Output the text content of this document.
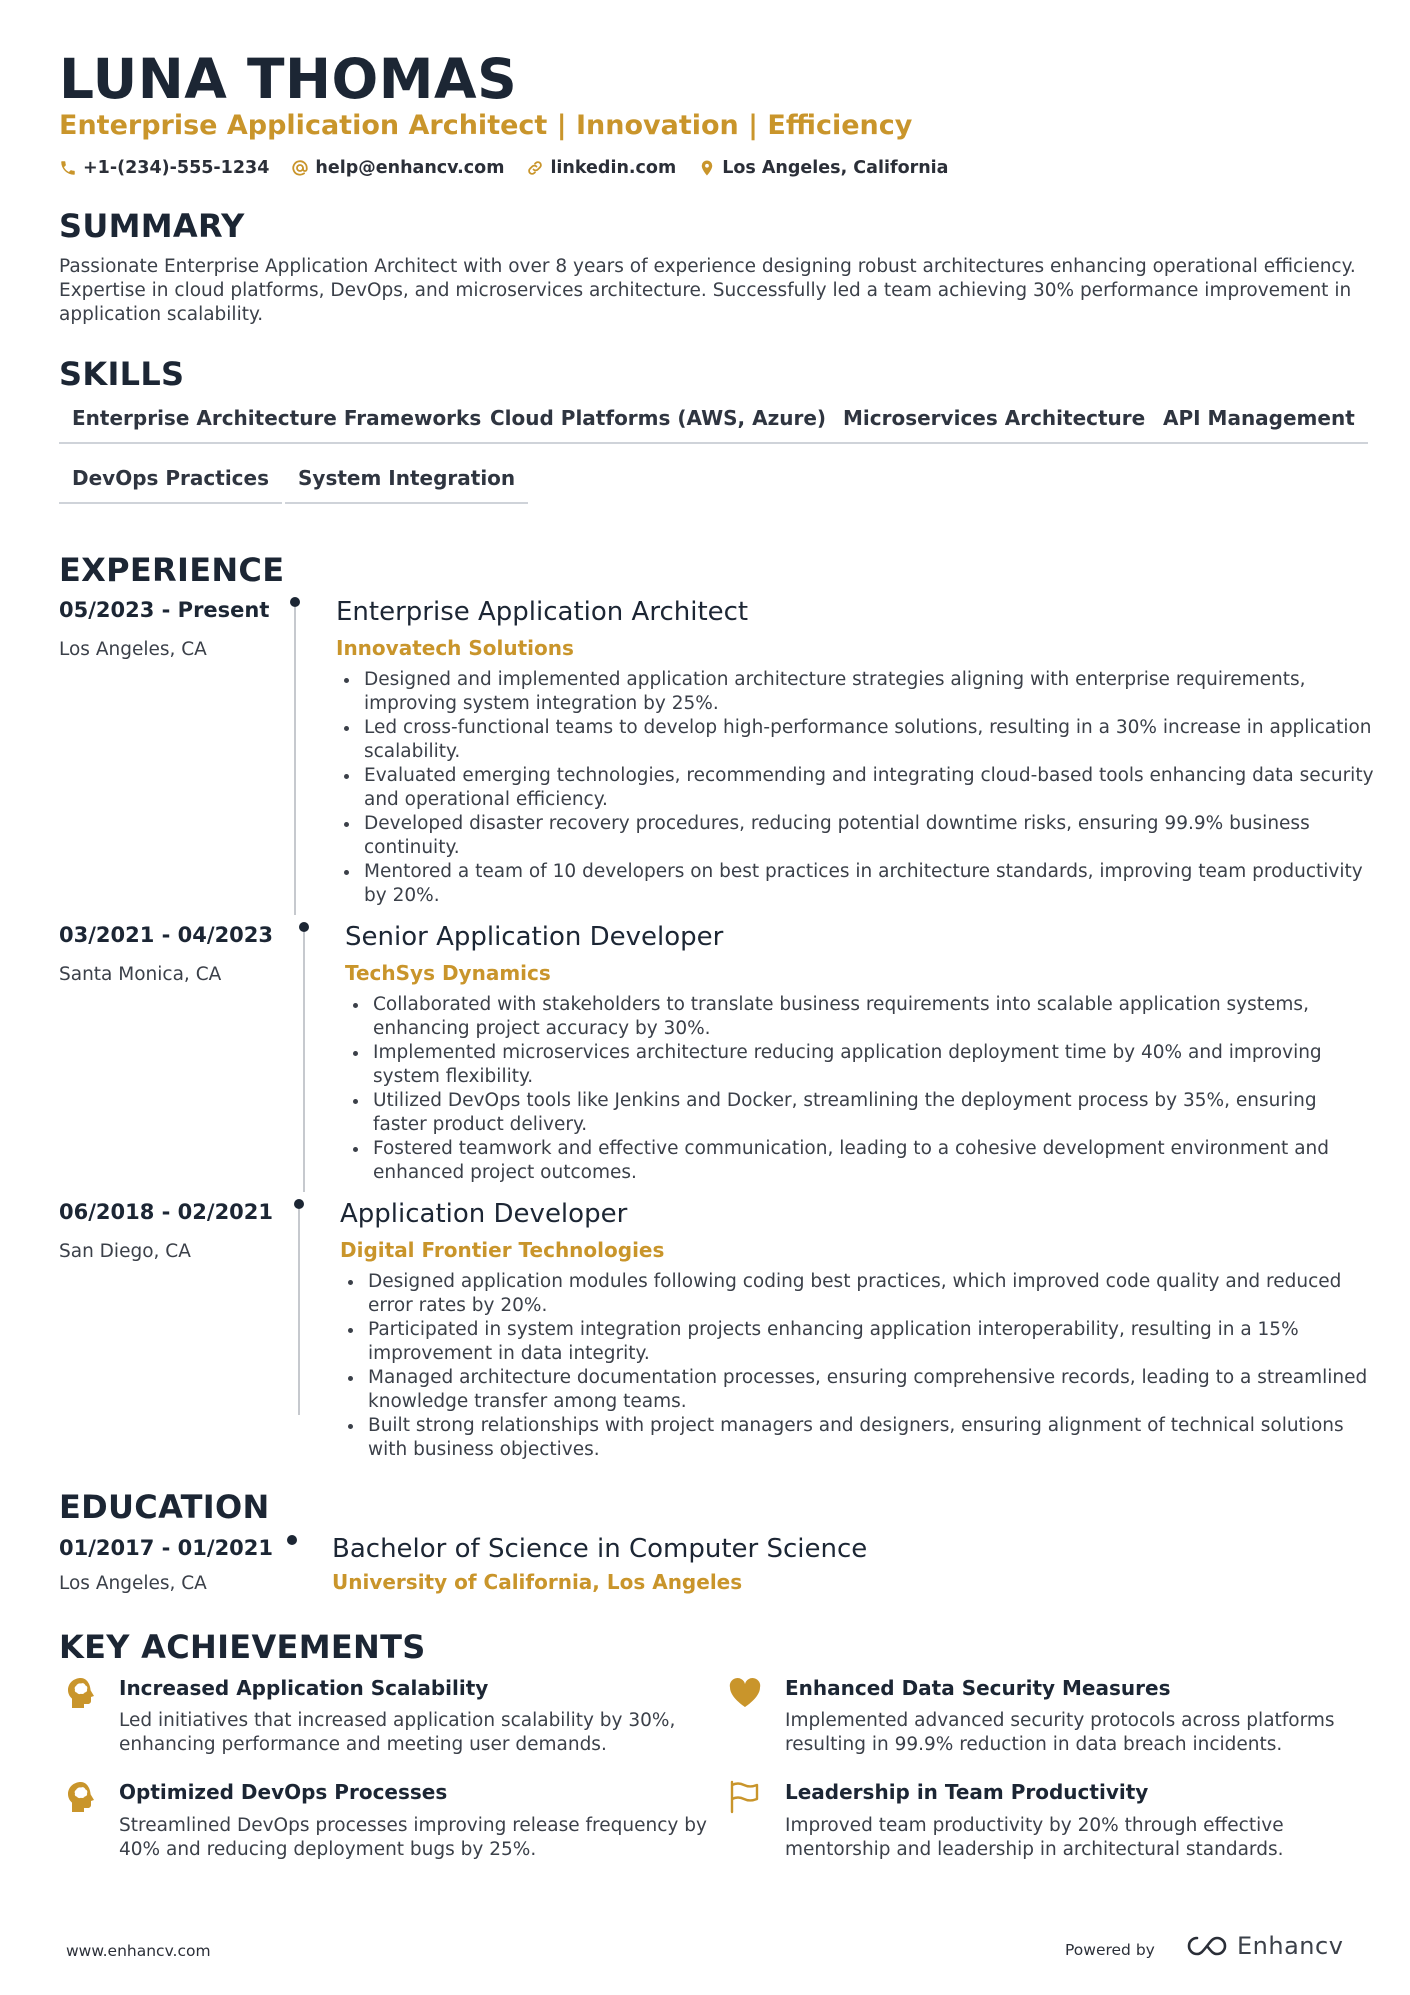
LUNA THOMAS
Enterprise Application Architect | Innovation | Efficiency
+1-(234)-555-1234	help@enhancv.com	linkedin.com	Los Angeles, California
SUMMARY
Passionate Enterprise Application Architect with over 8 years of experience designing robust architectures enhancing operational efficiency. Expertise in cloud platforms, DevOps, and microservices architecture. Successfully led a team achieving 30% performance improvement in application scalability.
SKILLS
Enterprise Architecture Frameworks Cloud Platforms (AWS, Azure) Microservices Architecture API Management
DevOps Practices	System Integration
EXPERIENCE
05/2023 - Present
Los Angeles, CA
Enterprise Application Architect
Innovatech Solutions
Designed and implemented application architecture strategies aligning with enterprise requirements, improving system integration by 25%.
Led cross-functional teams to develop high-performance solutions, resulting in a 30% increase in application scalability.
Evaluated emerging technologies, recommending and integrating cloud-based tools enhancing data security and operational efficiency.
Developed disaster recovery procedures, reducing potential downtime risks, ensuring 99.9% business continuity.
Mentored a team of 10 developers on best practices in architecture standards, improving team productivity by 20%.
03/2021 - 04/2023
Santa Monica, CA
Senior Application Developer
TechSys Dynamics
Collaborated with stakeholders to translate business requirements into scalable application systems, enhancing project accuracy by 30%.
Implemented microservices architecture reducing application deployment time by 40% and improving system flexibility.
Utilized DevOps tools like Jenkins and Docker, streamlining the deployment process by 35%, ensuring faster product delivery.
Fostered teamwork and effective communication, leading to a cohesive development environment and enhanced project outcomes.
06/2018 - 02/2021
San Diego, CA
Application Developer
Digital Frontier Technologies
Designed application modules following coding best practices, which improved code quality and reduced error rates by 20%.
Participated in system integration projects enhancing application interoperability, resulting in a 15% improvement in data integrity.
Managed architecture documentation processes, ensuring comprehensive records, leading to a streamlined knowledge transfer among teams.
Built strong relationships with project managers and designers, ensuring alignment of technical solutions with business objectives.
EDUCATION
01/2017 - 01/2021
Los Angeles, CA
Bachelor of Science in Computer Science
University of California, Los Angeles
KEY ACHIEVEMENTS
Increased Application Scalability
Led initiatives that increased application scalability by 30%, enhancing performance and meeting user demands.
Enhanced Data Security Measures
Implemented advanced security protocols across platforms resulting in 99.9% reduction in data breach incidents.
Optimized DevOps Processes
Streamlined DevOps processes improving release frequency by 40% and reducing deployment bugs by 25%.
Leadership in Team Productivity
Improved team productivity by 20% through effective mentorship and leadership in architectural standards.
www.enhancv.com	Powered by	Enhancv
